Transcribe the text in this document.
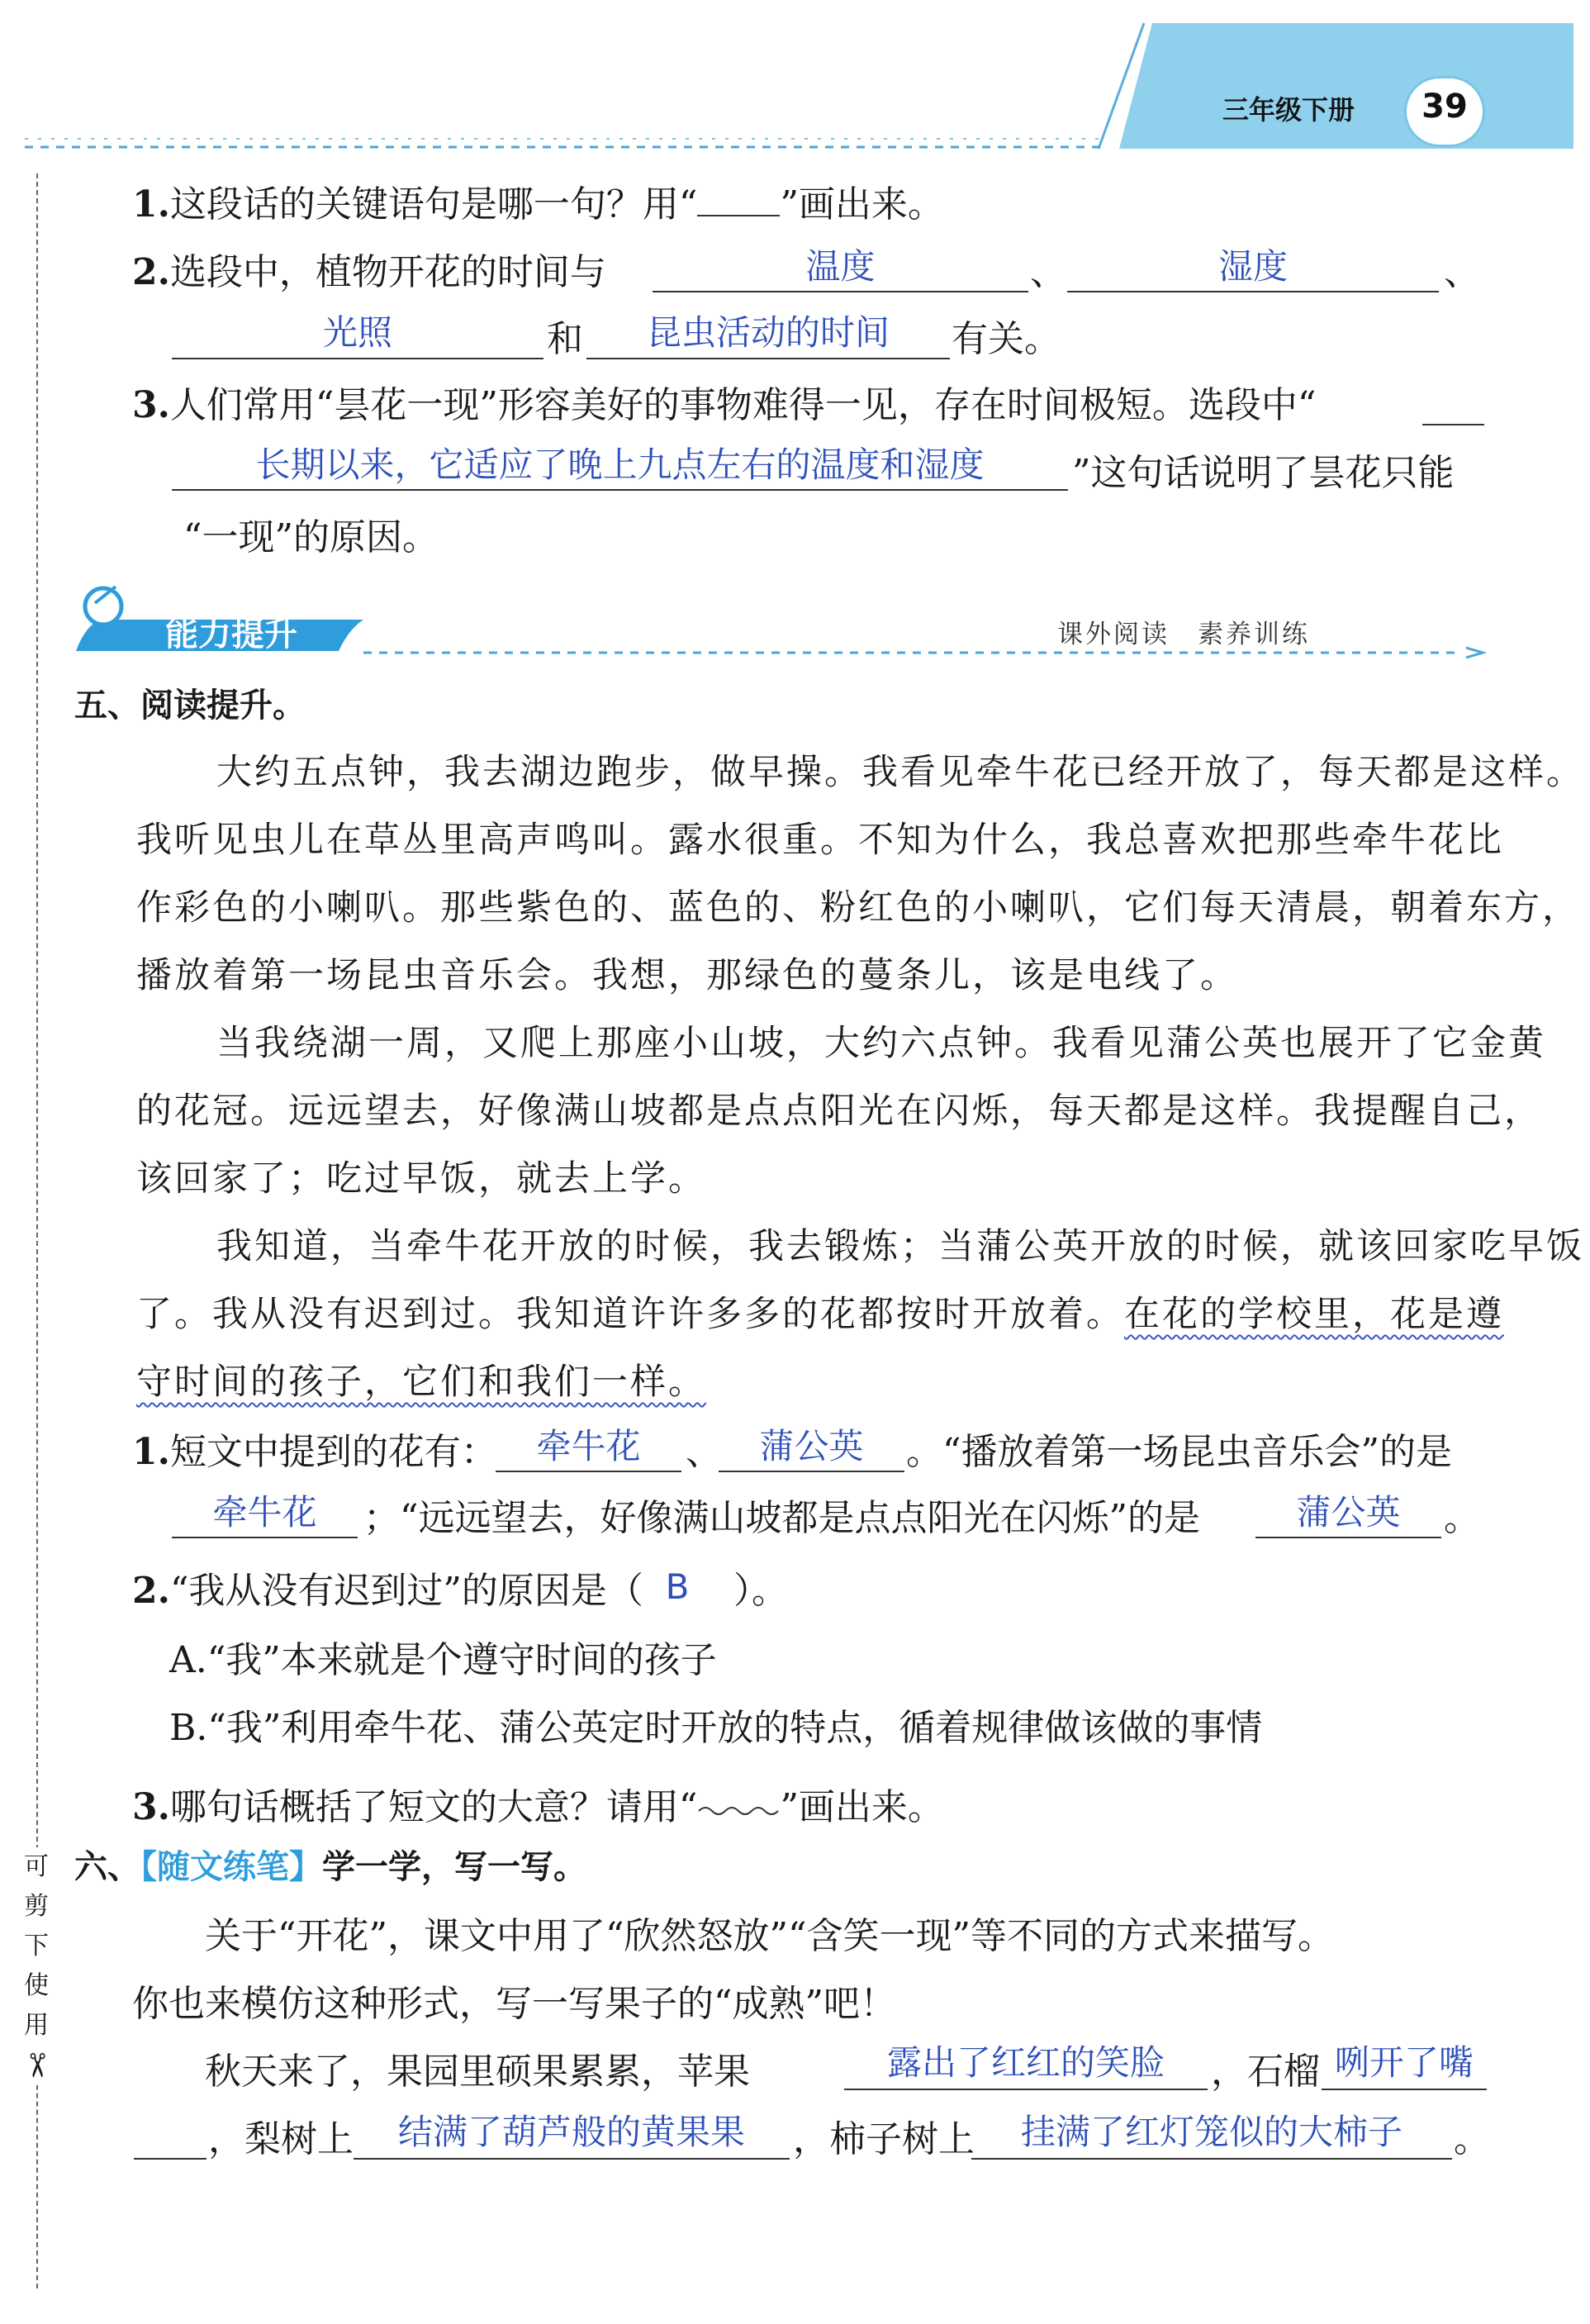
三年级下册	39
1.这段话的关键语句是哪一句？用“ ”画出来。
2.选段中，植物开花的时间与	温度	、	湿度	、
光照	和	昆虫活动的时间	有关。
3.人们常用“昙花一现”形容美好的事物难得一见，存在时间极短。选段中“
长期以来，它适应了晚上九点左右的温度和湿度	”这句话说明了昙花只能
“一现”的原因。
能力提升	课外阅读　素养训练
五、阅读提升。
大约五点钟，我去湖边跑步，做早操。我看见牵牛花已经开放了，每天都是这样。
我听见虫儿在草丛里高声鸣叫。露水很重。不知为什么，我总喜欢把那些牵牛花比
作彩色的小喇叭。那些紫色的、蓝色的、粉红色的小喇叭，它们每天清晨，朝着东方，
播放着第一场昆虫音乐会。我想，那绿色的蔓条儿，该是电线了。
当我绕湖一周，又爬上那座小山坡，大约六点钟。我看见蒲公英也展开了它金黄
的花冠。远远望去，好像满山坡都是点点阳光在闪烁，每天都是这样。我提醒自己，
该回家了；吃过早饭，就去上学。
我知道，当牵牛花开放的时候，我去锻炼；当蒲公英开放的时候，就该回家吃早饭
了。我从没有迟到过。我知道许许多多的花都按时开放着。在花的学校里，花是遵
守时间的孩子，它们和我们一样。
1.短文中提到的花有：	牵牛花	、	蒲公英	。“播放着第一场昆虫音乐会”的是
牵牛花	；“远远望去，好像满山坡都是点点阳光在闪烁”的是	蒲公英	。
2.“我从没有迟到过”的原因是（ B	）。
A.“我”本来就是个遵守时间的孩子
B.“我”利用牵牛花、蒲公英定时开放的特点，循着规律做该做的事情
3.哪句话概括了短文的大意？请用“ ”画出来。
六、【随文练笔】学一学，写一写。
关于“开花”，课文中用了“欣然怒放”“含笑一现”等不同的方式来描写。
你也来模仿这种形式，写一写果子的“成熟”吧！
秋天来了，果园里硕果累累，苹果	露出了红红的笑脸	，石榴 咧开了嘴
，梨树上	结满了葫芦般的黄果果	，柿子树上	挂满了红灯笼似的大柿子	。
可
剪
下
使
用
✂
